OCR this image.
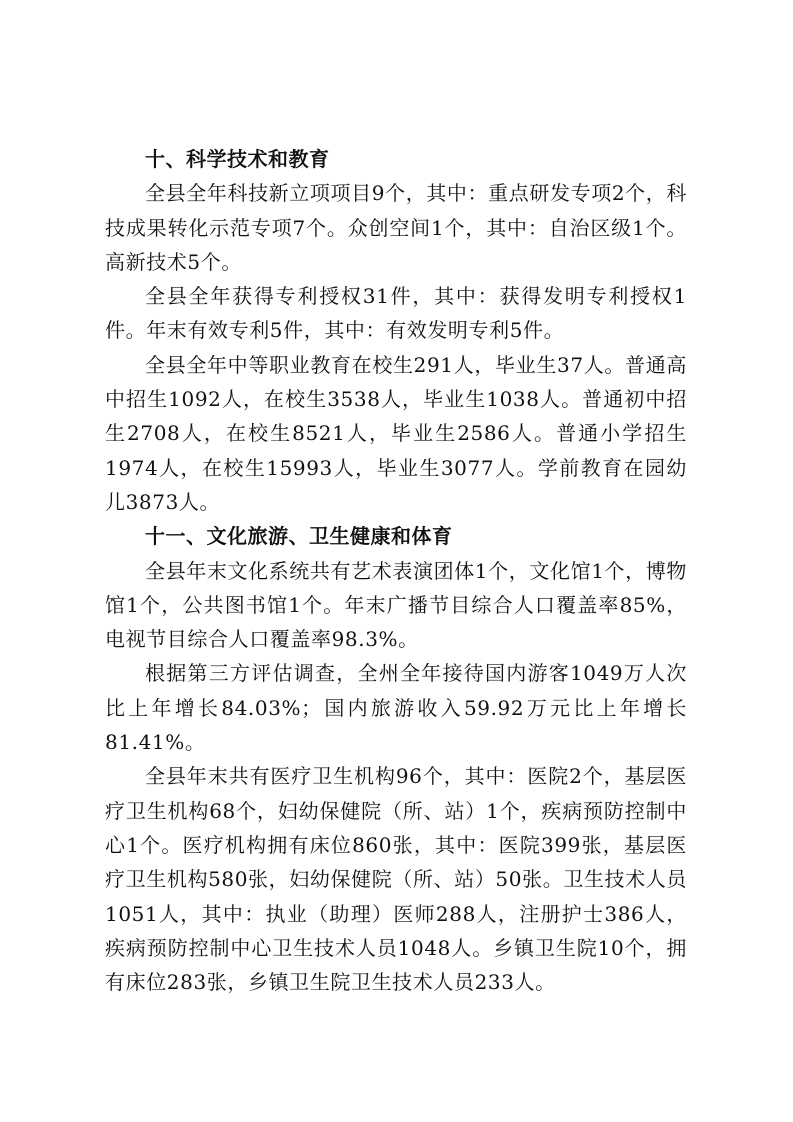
十、科学技术和教育

全县全年科技新立项项目9个，其中：重点研发专项2个，科技成果转化示范专项7个。众创空间1个，其中：自治区级1个。高新技术5个。

全县全年获得专利授权31件，其中：获得发明专利授权1件。年末有效专利5件，其中：有效发明专利5件。

全县全年中等职业教育在校生291人，毕业生37人。普通高中招生1092人，在校生3538人，毕业生1038人。普通初中招生2708人，在校生8521人，毕业生2586人。普通小学招生1974人，在校生15993人，毕业生3077人。学前教育在园幼儿3873人。

十一、文化旅游、卫生健康和体育

全县年末文化系统共有艺术表演团体1个，文化馆1个，博物馆1个，公共图书馆1个。年末广播节目综合人口覆盖率85%，电视节目综合人口覆盖率98.3%。

根据第三方评估调查，全州全年接待国内游客1049万人次比上年增长84.03%；国内旅游收入59.92万元比上年增长81.41%。

全县年末共有医疗卫生机构96个，其中：医院2个，基层医疗卫生机构68个，妇幼保健院（所、站）1个，疾病预防控制中心1个。医疗机构拥有床位860张，其中：医院399张，基层医疗卫生机构580张，妇幼保健院（所、站）50张。卫生技术人员1051人，其中：执业（助理）医师288人，注册护士386人，疾病预防控制中心卫生技术人员1048人。乡镇卫生院10个，拥有床位283张，乡镇卫生院卫生技术人员233人。
